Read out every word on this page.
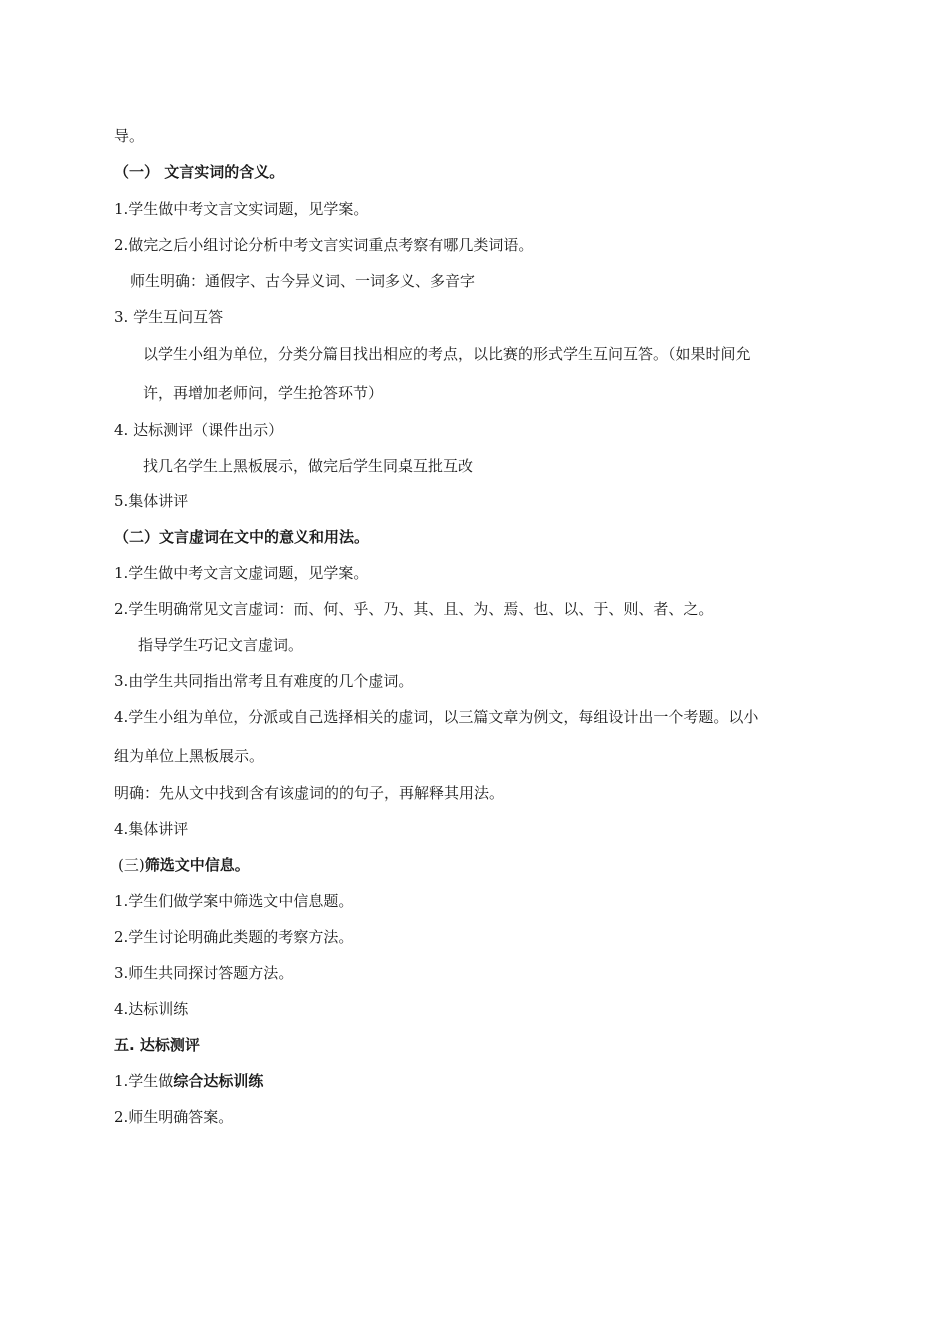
导。
（一） 文言实词的含义。
1.学生做中考文言文实词题，见学案。
2.做完之后小组讨论分析中考文言实词重点考察有哪几类词语。
师生明确：通假字、古今异义词、一词多义、多音字
3. 学生互问互答
以学生小组为单位，分类分篇目找出相应的考点，以比赛的形式学生互问互答。（如果时间允
许，再增加老师问，学生抢答环节）
4. 达标测评（课件出示）
找几名学生上黑板展示，做完后学生同桌互批互改
5.集体讲评
（二）文言虚词在文中的意义和用法。
1.学生做中考文言文虚词题，见学案。
2.学生明确常见文言虚词：而、何、乎、乃、其、且、为、焉、也、以、于、则、者、之。
指导学生巧记文言虚词。
3.由学生共同指出常考且有难度的几个虚词。
4.学生小组为单位，分派或自己选择相关的虚词，以三篇文章为例文，每组设计出一个考题。以小
组为单位上黑板展示。
明确：先从文中找到含有该虚词的的句子，再解释其用法。
4.集体讲评
(三)筛选文中信息。
1.学生们做学案中筛选文中信息题。
2.学生讨论明确此类题的考察方法。
3.师生共同探讨答题方法。
4.达标训练
五. 达标测评
1.学生做综合达标训练
2.师生明确答案。
